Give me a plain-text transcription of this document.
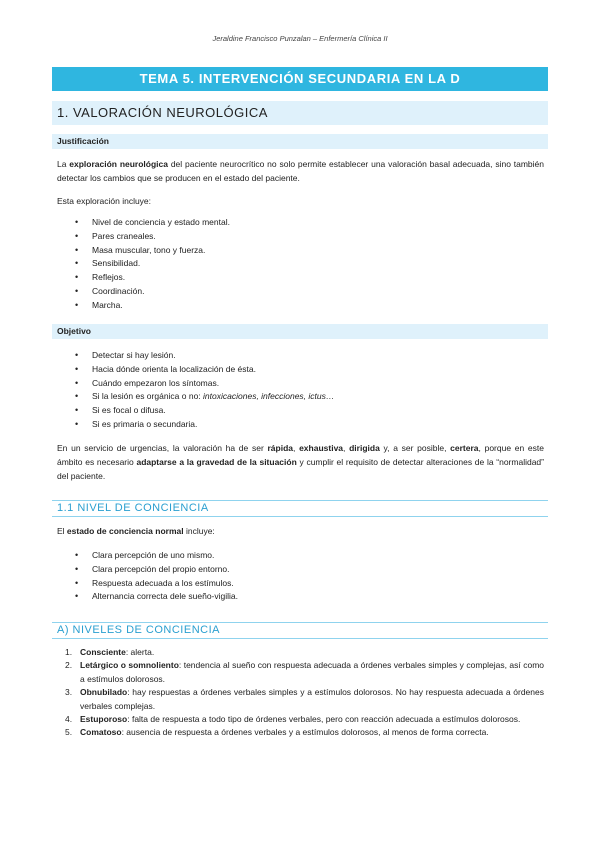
Jeraldine Francisco Punzalan – Enfermería Clínica II
TEMA 5. INTERVENCIÓN SECUNDARIA EN LA D
1. VALORACIÓN NEUROLÓGICA
Justificación
La exploración neurológica del paciente neurocrítico no solo permite establecer una valoración basal adecuada, sino también detectar los cambios que se producen en el estado del paciente.
Esta exploración incluye:
• Nivel de conciencia y estado mental.
• Pares craneales.
• Masa muscular, tono y fuerza.
• Sensibilidad.
• Reflejos.
• Coordinación.
• Marcha.
Objetivo
• Detectar si hay lesión.
• Hacia dónde orienta la localización de ésta.
• Cuándo empezaron los síntomas.
• Si la lesión es orgánica o no: intoxicaciones, infecciones, ictus…
• Si es focal o difusa.
• Si es primaria o secundaria.
En un servicio de urgencias, la valoración ha de ser rápida, exhaustiva, dirigida y, a ser posible, certera, porque en este ámbito es necesario adaptarse a la gravedad de la situación y cumplir el requisito de detectar alteraciones de la “normalidad” del paciente.
1.1 NIVEL DE CONCIENCIA
El estado de conciencia normal incluye:
• Clara percepción de uno mismo.
• Clara percepción del propio entorno.
• Respuesta adecuada a los estímulos.
• Alternancia correcta dele sueño-vigilia.
A) NIVELES DE CONCIENCIA
1. Consciente: alerta.
2. Letárgico o somnoliento: tendencia al sueño con respuesta adecuada a órdenes verbales simples y complejas, así como a estímulos dolorosos.
3. Obnubilado: hay respuestas a órdenes verbales simples y a estímulos dolorosos. No hay respuesta adecuada a órdenes verbales complejas.
4. Estuporoso: falta de respuesta a todo tipo de órdenes verbales, pero con reacción adecuada a estímulos dolorosos.
5. Comatoso: ausencia de respuesta a órdenes verbales y a estímulos dolorosos, al menos de forma correcta.
